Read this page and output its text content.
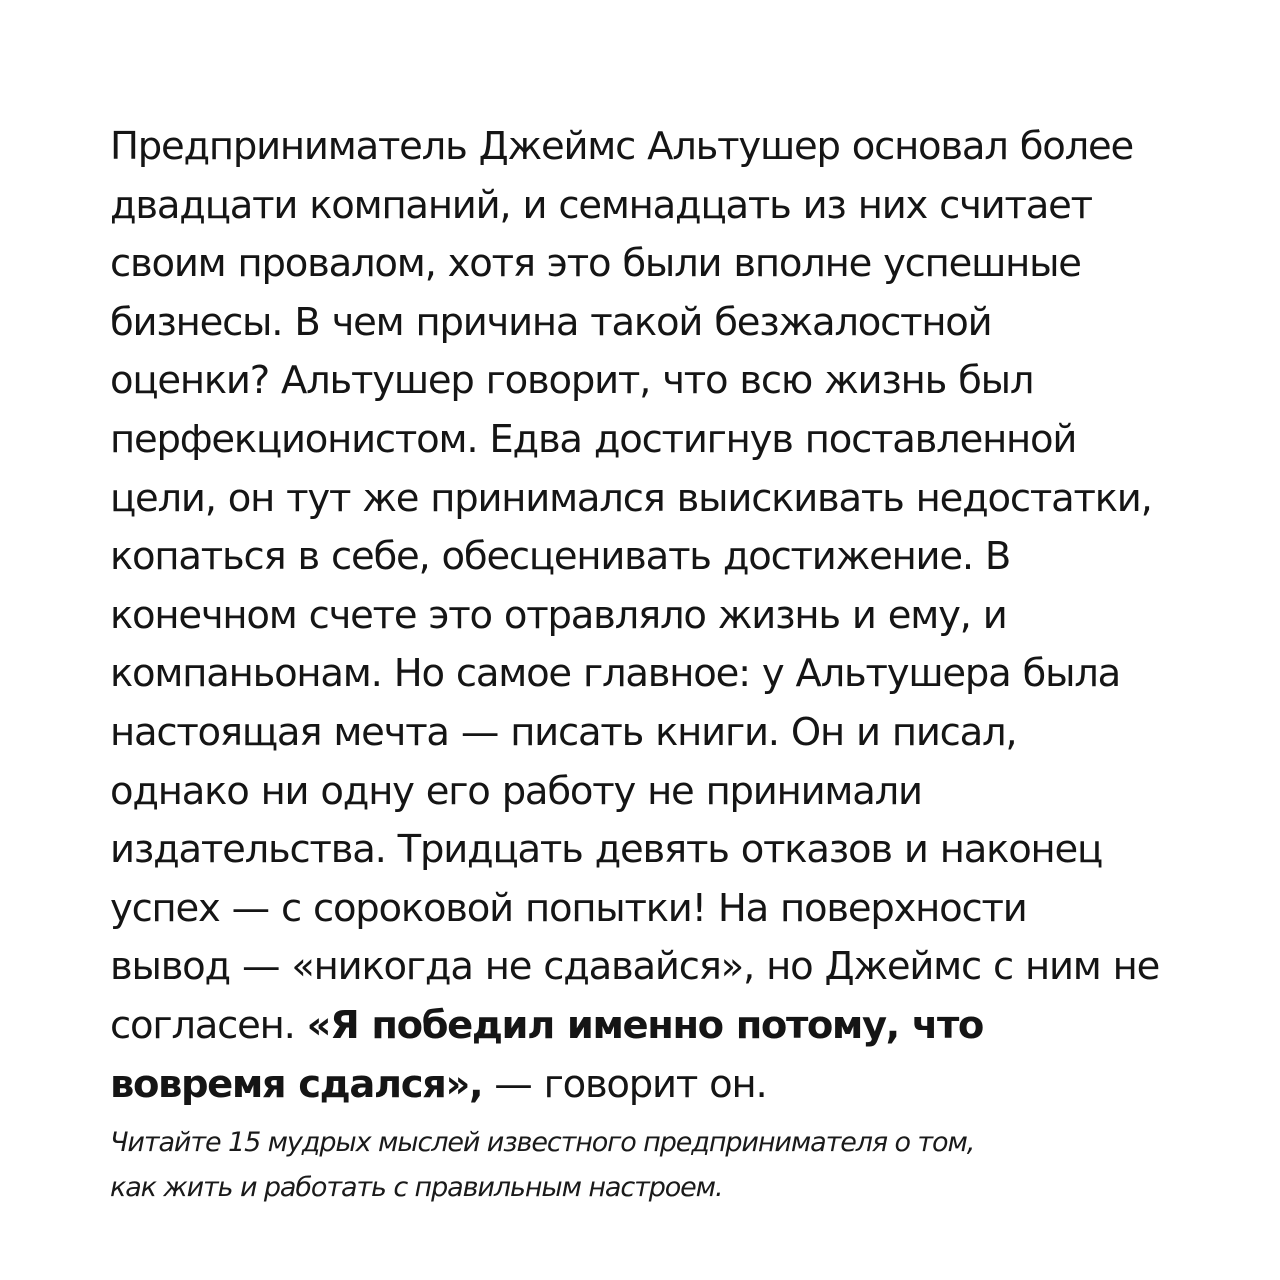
Предприниматель Джеймс Альтушер основал более
двадцати компаний, и семнадцать из них считает
своим провалом, хотя это были вполне успешные
бизнесы. В чем причина такой безжалостной
оценки? Альтушер говорит, что всю жизнь был
перфекционистом. Едва достигнув поставленной
цели, он тут же принимался выискивать недостатки,
копаться в себе, обесценивать достижение. В
конечном счете это отравляло жизнь и ему, и
компаньонам. Но самое главное: у Альтушера была
настоящая мечта — писать книги. Он и писал,
однако ни одну его работу не принимали
издательства. Тридцать девять отказов и наконец
успех — с сороковой попытки! На поверхности
вывод — «никогда не сдавайся», но Джеймс с ним не
согласен. «Я победил именно потому, что
вовремя сдался», — говорит он.

Читайте 15 мудрых мыслей известного предпринимателя о том,
как жить и работать с правильным настроем.
